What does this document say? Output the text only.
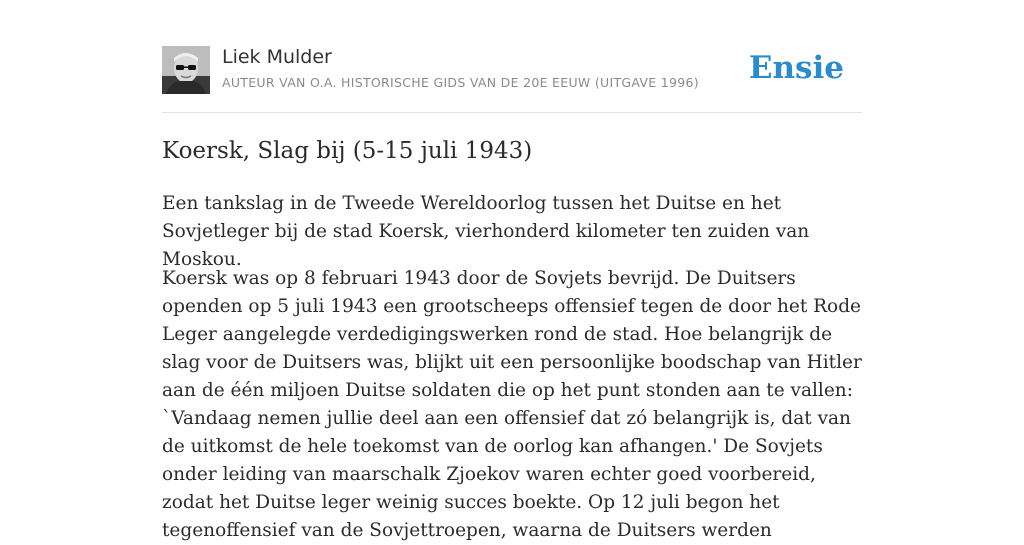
Liek Mulder
AUTEUR VAN O.A. HISTORISCHE GIDS VAN DE 20E EEUW (UITGAVE 1996) Ensie
Koersk, Slag bij (5-15 juli 1943)

Een tankslag in de Tweede Wereldoorlog tussen het Duitse en het Sovjetleger bij de stad Koersk, vierhonderd kilometer ten zuiden van Moskou.

Koersk was op 8 februari 1943 door de Sovjets bevrijd. De Duitsers openden op 5 juli 1943 een grootscheeps offensief tegen de door het Rode Leger aangelegde verdedigingswerken rond de stad. Hoe belangrijk de slag voor de Duitsers was, blijkt uit een persoonlijke boodschap van Hitler aan de één miljoen Duitse soldaten die op het punt stonden aan te vallen: `Vandaag nemen jullie deel aan een offensief dat zó belangrijk is, dat van de uitkomst de hele toekomst van de oorlog kan afhangen.' De Sovjets onder leiding van maarschalk Zjoekov waren echter goed voorbereid, zodat het Duitse leger weinig succes boekte. Op 12 juli begon het tegenoffensief van de Sovjettroepen, waarna de Duitsers werden
